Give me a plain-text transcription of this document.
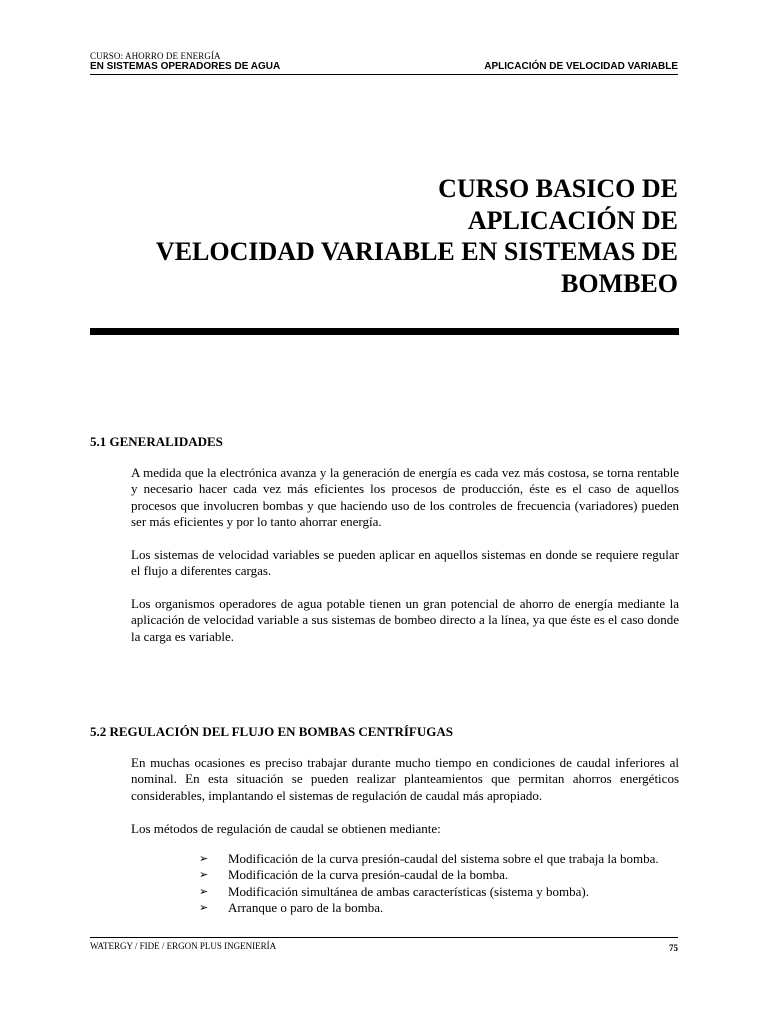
CURSO: AHORRO DE ENERGÍA
EN SISTEMAS OPERADORES DE AGUA	APLICACIÓN DE VELOCIDAD VARIABLE
CURSO BASICO DE
APLICACIÓN DE
VELOCIDAD VARIABLE EN SISTEMAS DE
BOMBEO
5.1 GENERALIDADES
A medida que la electrónica avanza y la generación de energía es cada vez más costosa, se torna rentable y necesario hacer cada vez más eficientes los procesos de producción, éste es el caso de aquellos procesos que involucren bombas y que haciendo uso de los controles de frecuencia (variadores) pueden ser más eficientes y por lo tanto ahorrar energía.
Los sistemas de velocidad variables se pueden aplicar en aquellos sistemas en donde se requiere regular el flujo a diferentes cargas.
Los organismos operadores de agua potable tienen un gran potencial de ahorro de energía mediante la aplicación de velocidad variable a sus sistemas de bombeo directo a la línea, ya que éste es el caso donde la carga es variable.
5.2 REGULACIÓN DEL FLUJO EN BOMBAS CENTRÍFUGAS
En muchas ocasiones es preciso trabajar durante mucho tiempo en condiciones de caudal inferiores al nominal. En esta situación se pueden realizar planteamientos que permitan ahorros energéticos considerables, implantando el sistemas de regulación de caudal más apropiado.
Los métodos de regulación de caudal se obtienen mediante:
➢ Modificación de la curva presión-caudal del sistema sobre el que trabaja la bomba.
➢ Modificación de la curva presión-caudal de la bomba.
➢ Modificación simultánea de ambas características (sistema y bomba).
➢ Arranque o paro de la bomba.
WATERGY / FIDE / ERGON PLUS INGENIERÍA	75
